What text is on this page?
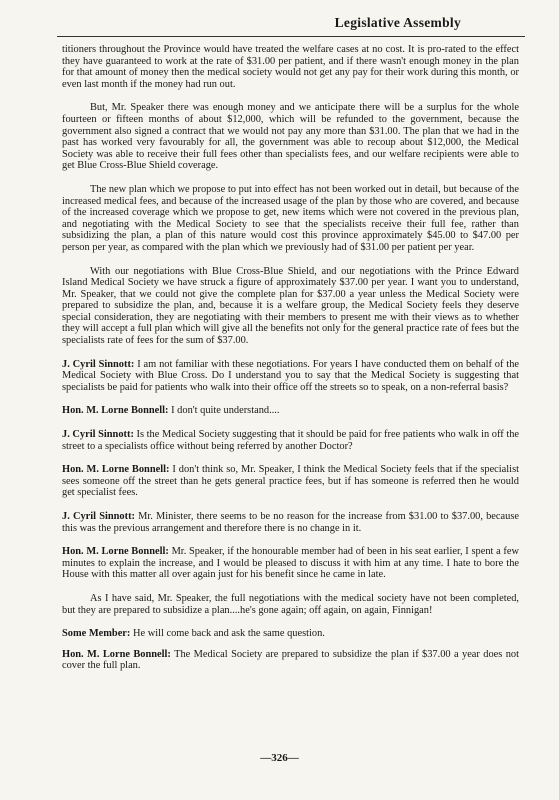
Legislative Assembly

titioners throughout the Province would have treated the welfare cases at no cost. It is pro-rated to the effect they have guaranteed to work at the rate of $31.00 per patient, and if there wasn't enough money in the plan for that amount of money then the medical society would not get any pay for their work during this month, or even last month if the money had run out.

But, Mr. Speaker there was enough money and we anticipate there will be a surplus for the whole fourteen or fifteen months of about $12,000, which will be refunded to the government, because the government also signed a contract that we would not pay any more than $31.00. The plan that we had in the past has worked very favourably for all, the government was able to recoup about $12,000, the Medical Society was able to receive their full fees other than specialists fees, and our welfare recipients were able to get Blue Cross-Blue Shield coverage.

The new plan which we propose to put into effect has not been worked out in detail, but because of the increased medical fees, and because of the increased usage of the plan by those who are covered, and because of the increased coverage which we propose to get, new items which were not covered in the previous plan, and negotiating with the Medical Society to see that the specialists receive their full fee, rather than subsidizing the plan, a plan of this nature would cost this province approximately $45.00 to $47.00 per person per year, as compared with the plan which we previously had of $31.00 per patient per year.

With our negotiations with Blue Cross-Blue Shield, and our negotiations with the Prince Edward Island Medical Society we have struck a figure of approximately $37.00 per year. I want you to understand, Mr. Speaker, that we could not give the complete plan for $37.00 a year unless the Medical Society were prepared to subsidize the plan, and, because it is a welfare group, the Medical Society feels they deserve special consideration, they are negotiating with their members to present me with their views as to whether they will accept a full plan which will give all the benefits not only for the general practice rate of fees but the specialists rate of fees for the sum of $37.00.

J. Cyril Sinnott: I am not familiar with these negotiations. For years I have conducted them on behalf of the Medical Society with Blue Cross. Do I understand you to say that the Medical Society is suggesting that specialists be paid for patients who walk into their office off the streets so to speak, on a non-referral basis?

Hon. M. Lorne Bonnell: I don't quite understand....

J. Cyril Sinnott: Is the Medical Society suggesting that it should be paid for free patients who walk in off the street to a specialists office without being referred by another Doctor?

Hon. M. Lorne Bonnell: I don't think so, Mr. Speaker, I think the Medical Society feels that if the specialist sees someone off the street than he gets general practice fees, but if has someone is referred then he would get specialist fees.

J. Cyril Sinnott: Mr. Minister, there seems to be no reason for the increase from $31.00 to $37.00, because this was the previous arrangement and therefore there is no change in it.

Hon. M. Lorne Bonnell: Mr. Speaker, if the honourable member had of been in his seat earlier, I spent a few minutes to explain the increase, and I would be pleased to discuss it with him at any time. I hate to bore the House with this matter all over again just for his benefit since he came in late.

As I have said, Mr. Speaker, the full negotiations with the medical society have not been completed, but they are prepared to subsidize a plan....he's gone again; off again, on again, Finnigan!

Some Member: He will come back and ask the same question.

Hon. M. Lorne Bonnell: The Medical Society are prepared to subsidize the plan if $37.00 a year does not cover the full plan.

—326—
